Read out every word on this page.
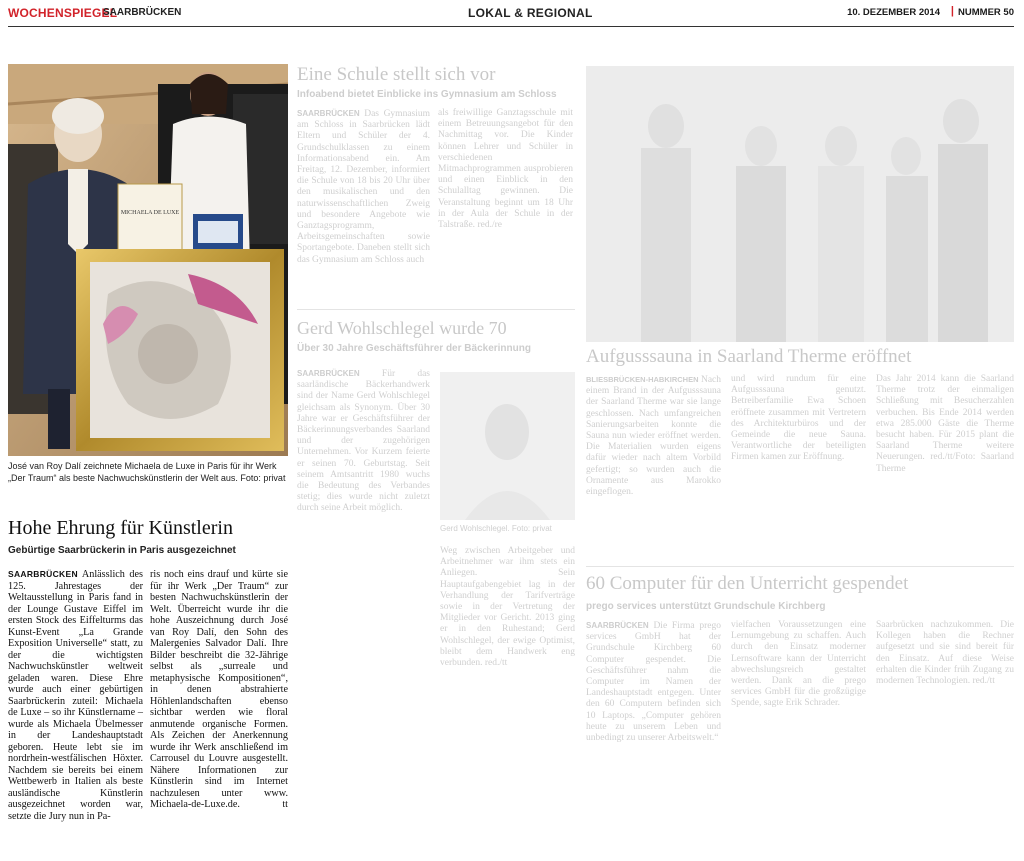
WOCHENSPIEGEL
SAARBRÜCKEN	LOKAL & REGIONAL	10. DEZEMBER 2014 | NUMMER 50
MICHAELA DE LUXE
José van Roy Dalí zeichnete Michaela de Luxe in Paris für ihr Werk „Der Traum“ als beste Nachwuchskünstlerin der Welt aus. Foto: privat
Hohe Ehrung für Künstlerin
Gebürtige Saarbrückerin in Paris ausgezeichnet
SAARBRÜCKEN Anlässlich des 125. Jahrestages der Weltausstellung in Paris fand in der Lounge Gustave Eiffel im ersten Stock des Eiffelturms das Kunst-Event „La Grande Exposition Universelle“ statt, zu der die wichtigsten Nachwuchskünstler weltweit geladen waren. Diese Ehre wurde auch einer gebürtigen Saarbrückerin zuteil: Michaela de Luxe – so ihr Künstlername – wurde als Michaela Übelmesser in der Landeshauptstadt geboren. Heute lebt sie im nordrhein-westfälischen Höxter. Nachdem sie bereits bei einem Wettbewerb in Italien als beste ausländische Künstlerin ausgezeichnet worden war, setzte die Jury nun in Pa-
ris noch eins drauf und kürte sie für ihr Werk „Der Traum“ zur besten Nachwuchskünstlerin der Welt. Überreicht wurde ihr die hohe Auszeichnung durch José van Roy Dalí, den Sohn des Malergenies Salvador Dalí. Ihre Bilder beschreibt die 32-Jährige selbst als „surreale und metaphysische Kompositionen“, in denen abstrahierte Höhlenlandschaften ebenso sichtbar werden wie floral anmutende organische Formen. Als Zeichen der Anerkennung wurde ihr Werk anschließend im Carrousel du Louvre ausgestellt. Nähere Informationen zur Künstlerin sind im Internet nachzulesen unter www. Michaela-de-Luxe.de.	tt
Eine Schule stellt sich vor
Infoabend bietet Einblicke ins Gymnasium am Schloss
SAARBRÜCKEN Das Gymnasium am Schloss in Saarbrücken lädt Eltern und Schüler der 4. Grundschulklassen zu einem Informationsabend ein. Am Freitag, 12. Dezember, informiert die Schule von 18 bis 20 Uhr über den musikalischen und den naturwissenschaftlichen Zweig und besondere Angebote wie Ganztagsprogramm, Arbeitsgemeinschaften sowie Sportangebote. Daneben stellt sich das Gymnasium am Schloss auch
als freiwillige Ganztagsschule mit einem Betreuungsangebot für den Nachmittag vor. Die Kinder können Lehrer und Schüler in verschiedenen Mitmachprogrammen ausprobieren und einen Einblick in den Schulalltag gewinnen. Die Veranstaltung beginnt um 18 Uhr in der Aula der Schule in der Talstraße. red./re
Gerd Wohlschlegel wurde 70
Über 30 Jahre Geschäftsführer der Bäckerinnung
SAARBRÜCKEN Für das saarländische Bäckerhandwerk sind der Name Gerd Wohlschlegel gleichsam als Synonym. Über 30 Jahre war er Geschäftsführer der Bäckerinnungsverbandes Saarland und der zugehörigen Unternehmen. Vor Kurzem feierte er seinen 70. Geburtstag. Seit seinem Amtsantritt 1980 wuchs die Bedeutung des Verbandes stetig; dies wurde nicht zuletzt durch seine Arbeit möglich.
Gerd Wohlschlegel. Foto: privat
Weg zwischen Arbeitgeber und Arbeitnehmer war ihm stets ein Anliegen. Sein Hauptaufgabengebiet lag in der Verhandlung der Tarifverträge sowie in der Vertretung der Mitglieder vor Gericht. 2013 ging er in den Ruhestand; Gerd Wohlschlegel, der ewige Optimist, bleibt dem Handwerk eng verbunden. red./tt
Aufgusssauna in Saarland Therme eröffnet
BLIESBRÜCKEN-HABKIRCHEN Nach einem Brand in der Aufgusssauna der Saarland Therme war sie lange geschlossen. Nach umfangreichen Sanierungsarbeiten konnte die Sauna nun wieder eröffnet werden. Die Materialien wurden eigens dafür wieder nach altem Vorbild gefertigt; so wurden auch die Ornamente aus Marokko eingeflogen.
und wird rundum für eine Aufgusssauna genutzt. Betreiberfamilie Ewa Schoen eröffnete zusammen mit Vertretern des Architekturbüros und der Gemeinde die neue Sauna. Verantwortliche der beteiligten Firmen kamen zur Eröffnung.
Das Jahr 2014 kann die Saarland Therme trotz der einmaligen Schließung mit Besucherzahlen verbuchen. Bis Ende 2014 werden etwa 285.000 Gäste die Therme besucht haben. Für 2015 plant die Saarland Therme weitere Neuerungen. red./tt/Foto: Saarland Therme
60 Computer für den Unterricht gespendet
prego services unterstützt Grundschule Kirchberg
SAARBRÜCKEN Die Firma prego services GmbH hat der Grundschule Kirchberg 60 Computer gespendet. Die Geschäftsführer nahm die Computer im Namen der Landeshauptstadt entgegen. Unter den 60 Computern befinden sich 10 Laptops. „Computer gehören heute zu unserem Leben und unbedingt zu unserer Arbeitswelt.“
vielfachen Voraussetzungen eine Lernumgebung zu schaffen. Auch durch den Einsatz moderner Lernsoftware kann der Unterricht abwechslungsreich gestaltet werden. Dank an die prego services GmbH für die großzügige Spende, sagte Erik Schrader.
Saarbrücken nachzukommen. Die Kollegen haben die Rechner aufgesetzt und sie sind bereit für den Einsatz. Auf diese Weise erhalten die Kinder früh Zugang zu modernen Technologien. red./tt
